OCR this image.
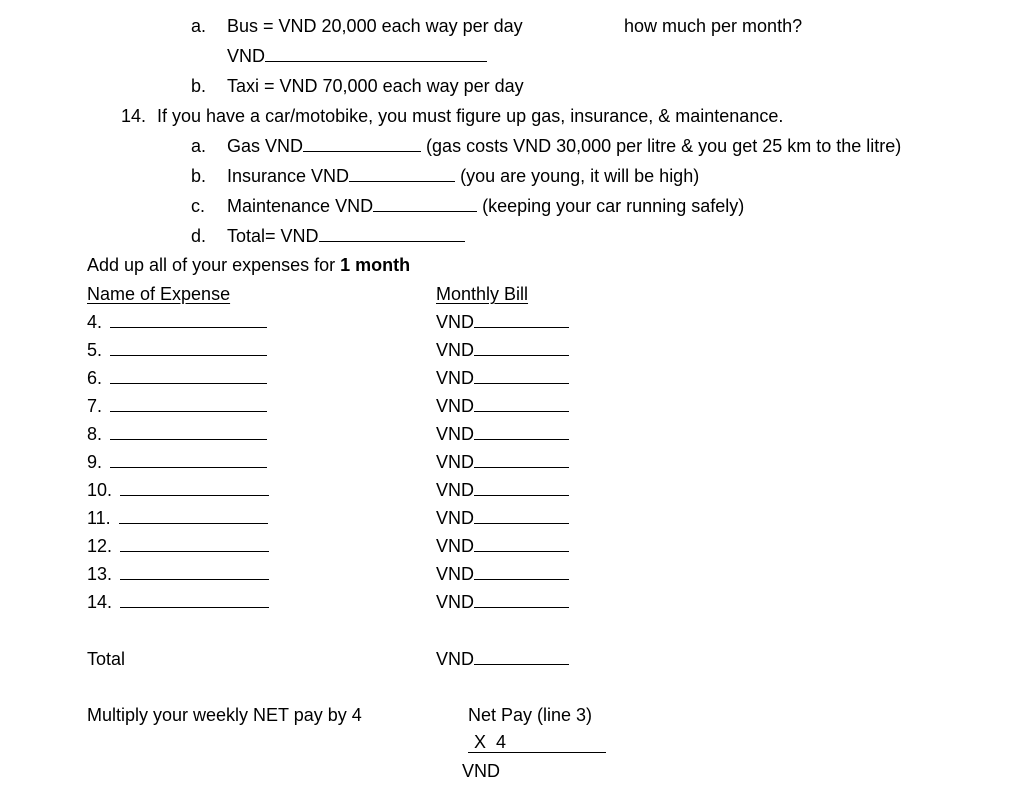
a. Bus = VND 20,000 each way per day	how much per month?
VND
b. Taxi = VND 70,000 each way per day
14. If you have a car/motobike, you must figure up gas, insurance, & maintenance.
a. Gas VND	(gas costs VND 30,000 per litre & you get 25 km to the litre)
b. Insurance VND	(you are young, it will be high)
c. Maintenance VND	(keeping your car running safely)
d. Total= VND
Add up all of your expenses for 1 month
Name of Expense	Monthly Bill
4.	VND
5.	VND
6.	VND
7.	VND
8.	VND
9.	VND
10.	VND
11.	VND
12.	VND
13.	VND
14.	VND
Total	VND
Multiply your weekly NET pay by 4	Net Pay (line 3)
X  4
VND
